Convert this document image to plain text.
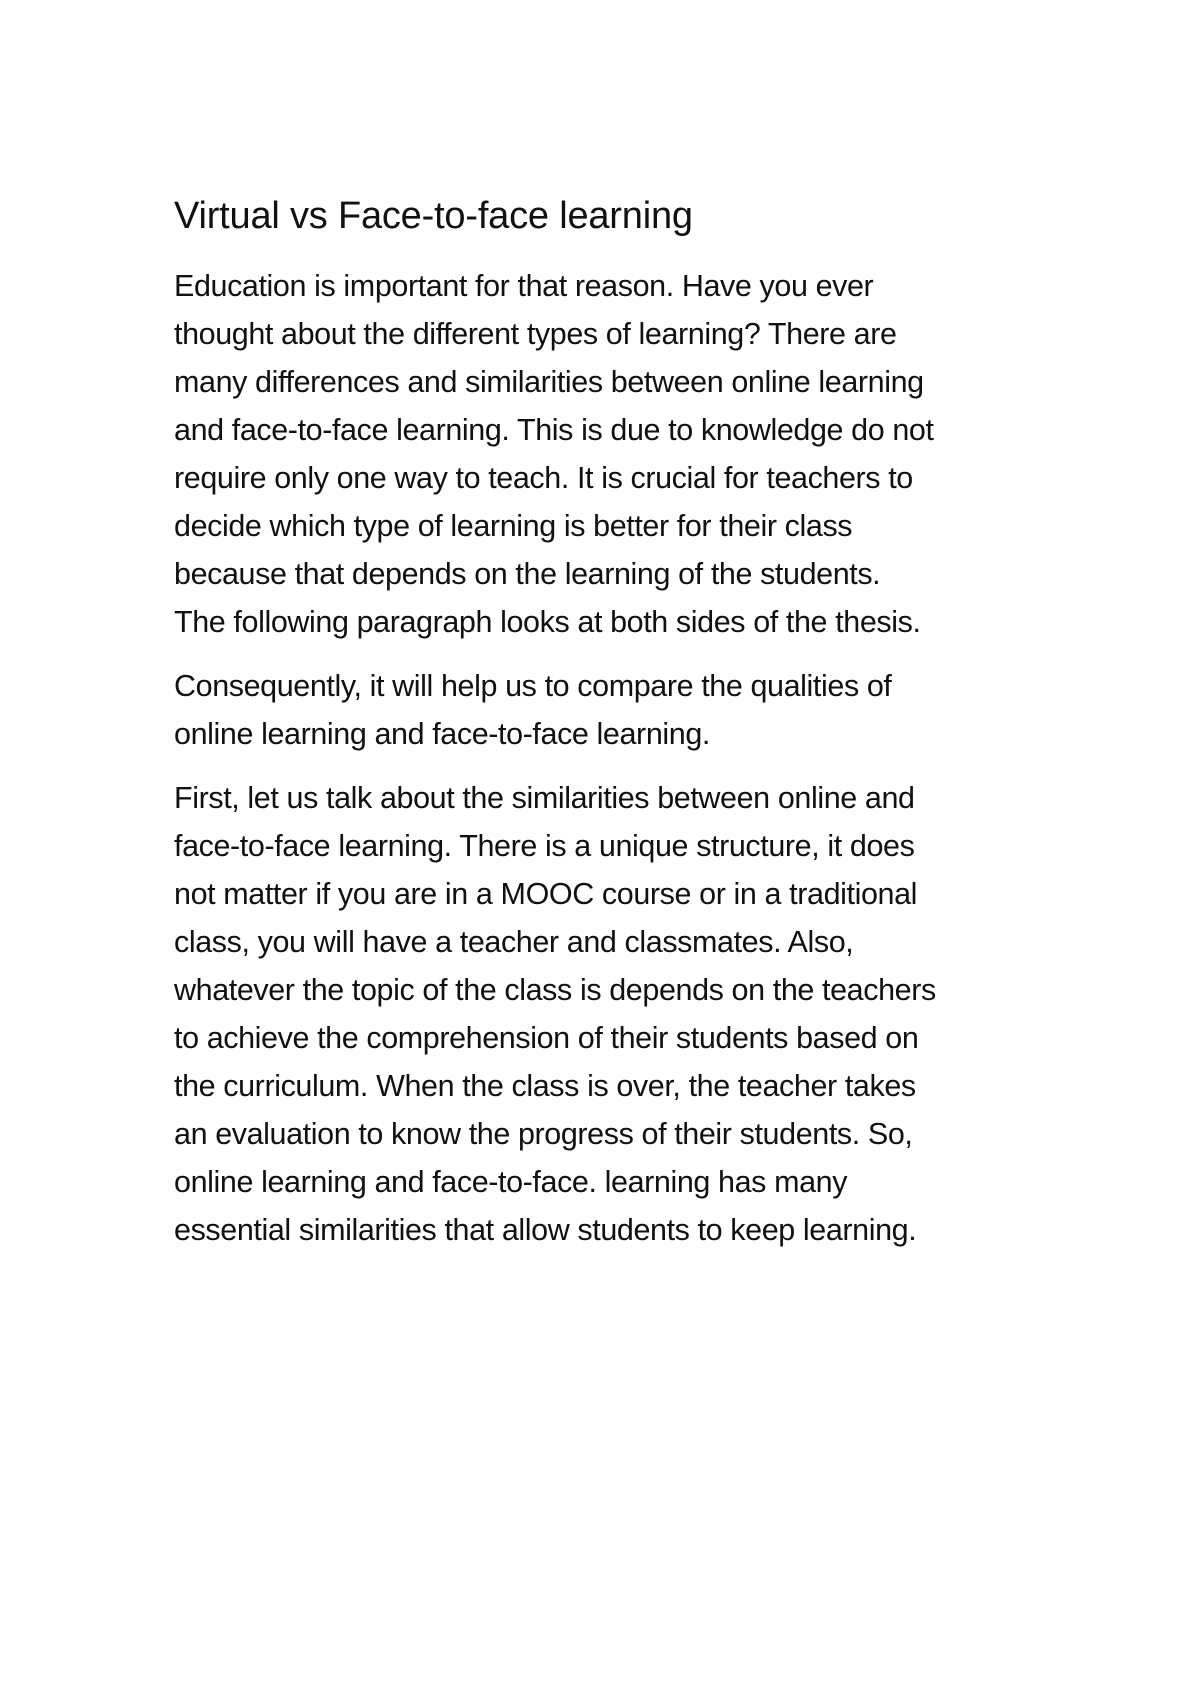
Virtual vs Face-to-face learning

Education is important for that reason. Have you ever
thought about the different types of learning? There are
many differences and similarities between online learning
and face-to-face learning. This is due to knowledge do not
require only one way to teach. It is crucial for teachers to
decide which type of learning is better for their class
because that depends on the learning of the students.
The following paragraph looks at both sides of the thesis.

Consequently, it will help us to compare the qualities of
online learning and face-to-face learning.

First, let us talk about the similarities between online and
face-to-face learning. There is a unique structure, it does
not matter if you are in a MOOC course or in a traditional
class, you will have a teacher and classmates. Also,
whatever the topic of the class is depends on the teachers
to achieve the comprehension of their students based on
the curriculum. When the class is over, the teacher takes
an evaluation to know the progress of their students. So,
online learning and face-to-face. learning has many
essential similarities that allow students to keep learning.
